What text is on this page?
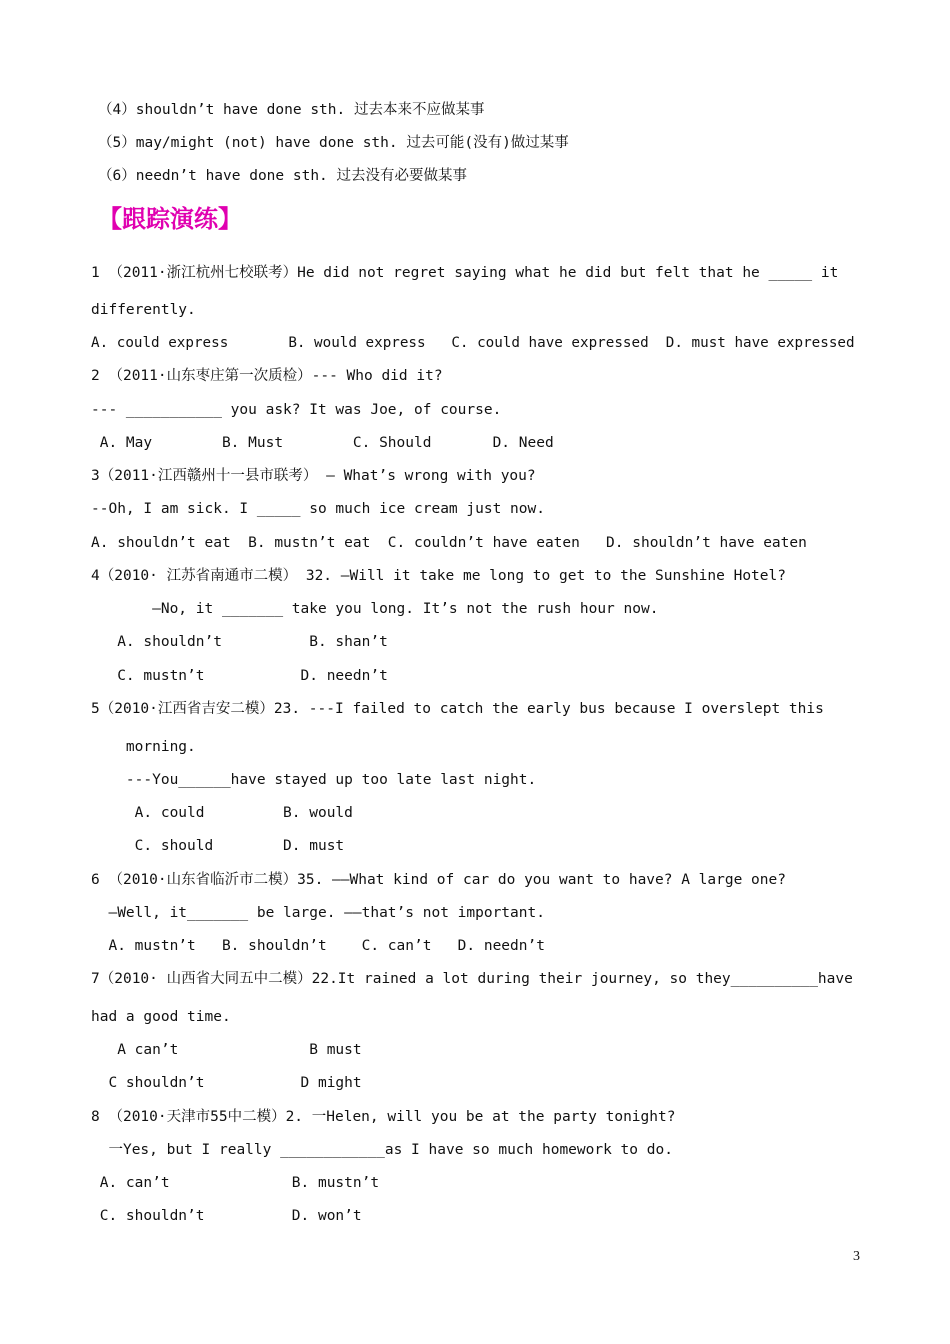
（4）shouldn’t have done sth. 过去本来不应做某事
（5）may/might (not) have done sth. 过去可能(没有)做过某事
（6）needn’t have done sth. 过去没有必要做某事
【跟踪演练】
1 （2011·浙江杭州七校联考）He did not regret saying what he did but felt that he _____ it
differently.
A. could express       B. would express   C. could have expressed  D. must have expressed
2 （2011·山东枣庄第一次质检）--- Who did it?
--- ___________ you ask? It was Joe, of course.
A. May        B. Must        C. Should       D. Need
3（2011·江西赣州十一县市联考） – What’s wrong with you?
--Oh, I am sick. I _____ so much ice cream just now.
A. shouldn’t eat  B. mustn’t eat  C. couldn’t have eaten   D. shouldn’t have eaten
4（2010· 江苏省南通市二模） 32. —Will it take me long to get to the Sunshine Hotel?
—No, it _______ take you long. It’s not the rush hour now.
A. shouldn’t          B. shan’t
C. mustn’t           D. needn’t
5（2010·江西省吉安二模）23. ---I failed to catch the early bus because I overslept this
morning.
---You______have stayed up too late last night.
A. could         B. would
C. should        D. must
6 （2010·山东省临沂市二模）35. ——What kind of car do you want to have? A large one?
—Well, it_______ be large. ——that’s not important.
A. mustn’t   B. shouldn’t    C. can’t   D. needn’t
7（2010· 山西省大同五中二模）22.It rained a lot during their journey, so they__________have
had a good time.
A can’t               B must
C shouldn’t           D might
8 （2010·天津市55中二模）2. 一Helen, will you be at the party tonight?
一Yes, but I really ____________as I have so much homework to do.
A. can’t              B. mustn’t
C. shouldn’t          D. won’t
3
